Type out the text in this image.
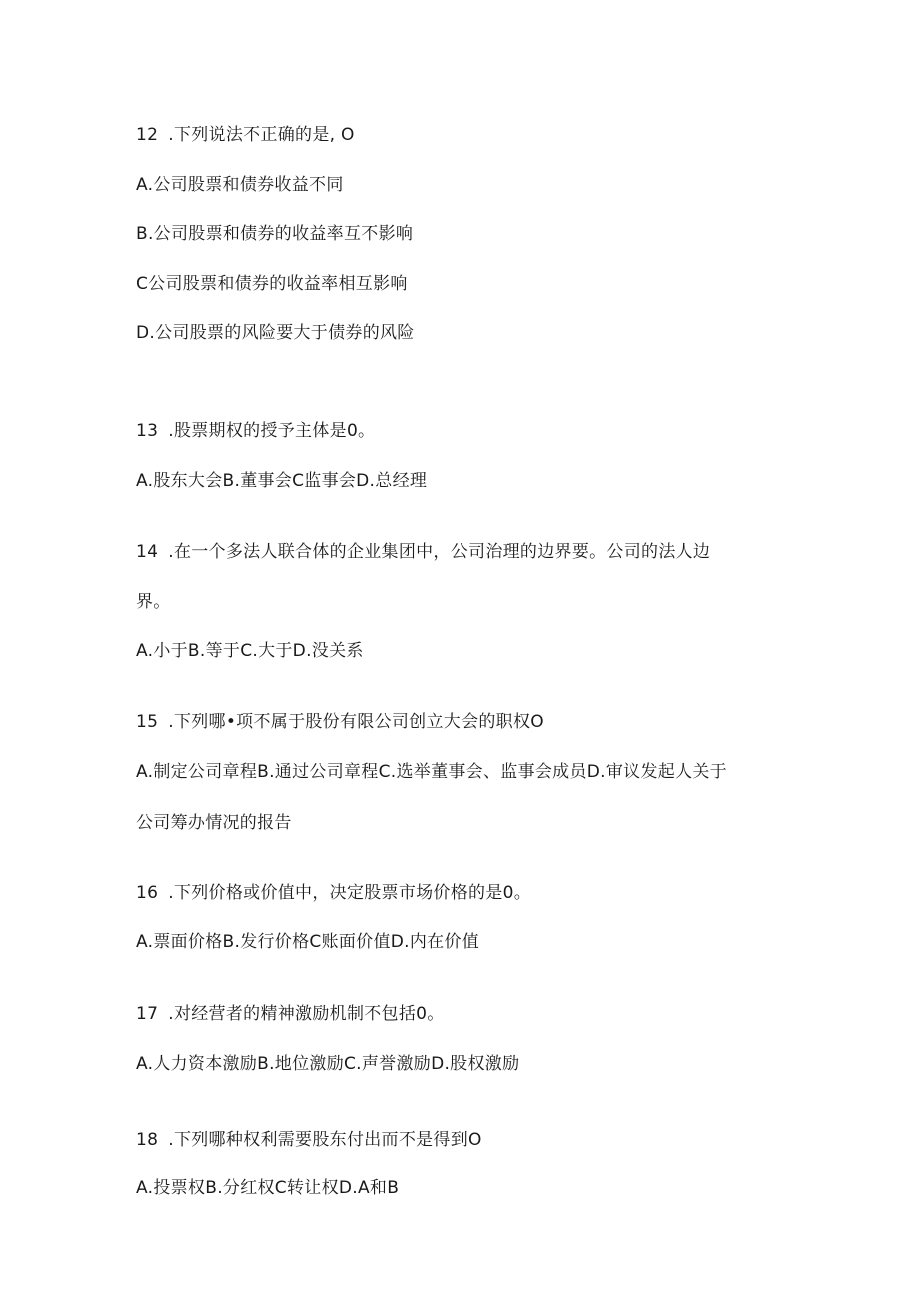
12 .下列说法不正确的是, O
A.公司股票和债券收益不同
B.公司股票和债券的收益率互不影响
C公司股票和债券的收益率相互影响
D.公司股票的风险要大于债券的风险
13 .股票期权的授予主体是0。
A.股东大会B.董事会C监事会D.总经理
14 .在一个多法人联合体的企业集团中，公司治理的边界要。公司的法人边
界。
A.小于B.等于C.大于D.没关系
15 .下列哪•项不属于股份有限公司创立大会的职权O
A.制定公司章程B.通过公司章程C.选举董事会、监事会成员D.审议发起人关于
公司筹办情况的报告
16 .下列价格或价值中，决定股票市场价格的是0。
A.票面价格B.发行价格C账面价值D.内在价值
17 .对经营者的精神激励机制不包括0。
A.人力资本激励B.地位激励C.声誉激励D.股权激励
18 .下列哪种权利需要股东付出而不是得到O
A.投票权B.分红权C转让权D.A和B
